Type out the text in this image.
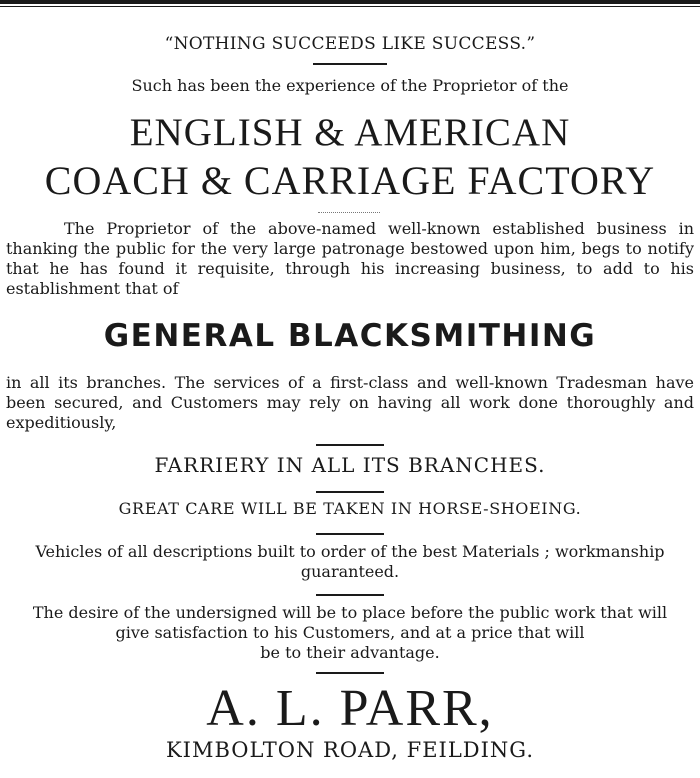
“NOTHING SUCCEEDS LIKE SUCCESS.”
Such has been the experience of the Proprietor of the
ENGLISH & AMERICAN
COACH & CARRIAGE FACTORY
The Proprietor of the above-named well-known established business in thanking the public for the very large patronage bestowed upon him, begs to notify that he has found it requisite, through his increasing business, to add to his establishment that of
GENERAL BLACKSMITHING
in all its branches. The services of a first-class and well-known Tradesman have been secured, and Customers may rely on having all work done thoroughly and expeditiously,
FARRIERY IN ALL ITS BRANCHES.
GREAT CARE WILL BE TAKEN IN HORSE-SHOEING.
Vehicles of all descriptions built to order of the best Materials ; workmanship
guaranteed.
The desire of the undersigned will be to place before the public work that will
give satisfaction to his Customers, and at a price that will
be to their advantage.
A. L. PARR,
KIMBOLTON ROAD, FEILDING.
